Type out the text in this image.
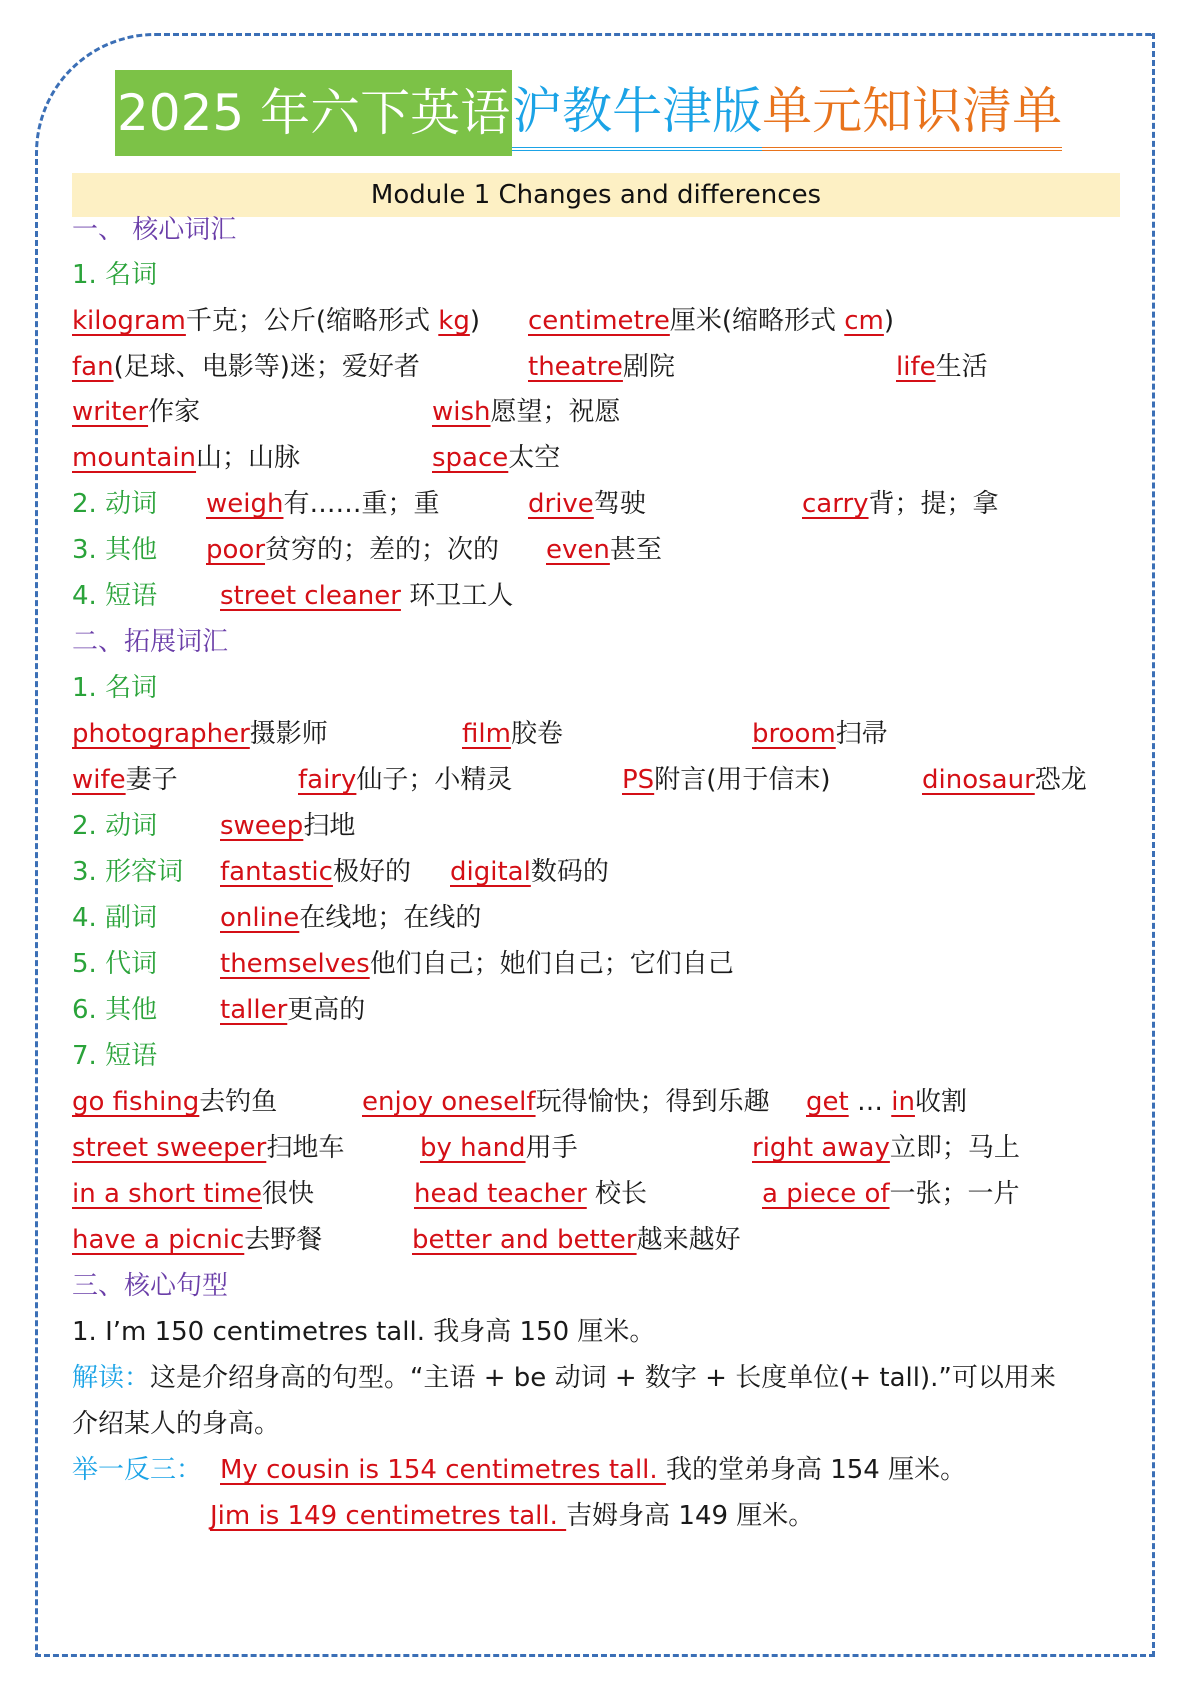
2025 年六下英语 沪教牛津版 单元知识清单
Module 1 Changes and differences
一、 核心词汇
1. 名词
kilogram千克；公斤(缩略形式 kg) centimetre厘米(缩略形式 cm)
fan(足球、电影等)迷；爱好者	theatre剧院	life生活
writer作家	wish愿望；祝愿
mountain山；山脉	space太空
2. 动词 weigh有……重；重	drive驾驶	carry背；提；拿
3. 其他 poor贫穷的；差的；次的 even甚至
4. 短语 street cleaner 环卫工人
二、拓展词汇
1. 名词
photographer摄影师	film胶卷	broom扫帚
wife妻子	fairy仙子；小精灵	PS附言(用于信末)	dinosaur恐龙
2. 动词 sweep扫地
3. 形容词 fantastic极好的 digital数码的
4. 副词 online在线地；在线的
5. 代词 themselves他们自己；她们自己；它们自己
6. 其他 taller更高的
7. 短语
go fishing去钓鱼	enjoy oneself玩得愉快；得到乐趣 get … in收割
street sweeper扫地车	by hand用手	right away立即；马上
in a short time很快	head teacher 校长	a piece of一张；一片
have a picnic去野餐	better and better越来越好
三、核心句型
1. I’m 150 centimetres tall. 我身高 150 厘米。
解读：这是介绍身高的句型。“主语 + be 动词 + 数字 + 长度单位(+ tall).”可以用来
介绍某人的身高。
举一反三： My cousin is 154 centimetres tall. 我的堂弟身高 154 厘米。
Jim is 149 centimetres tall. 吉姆身高 149 厘米。
